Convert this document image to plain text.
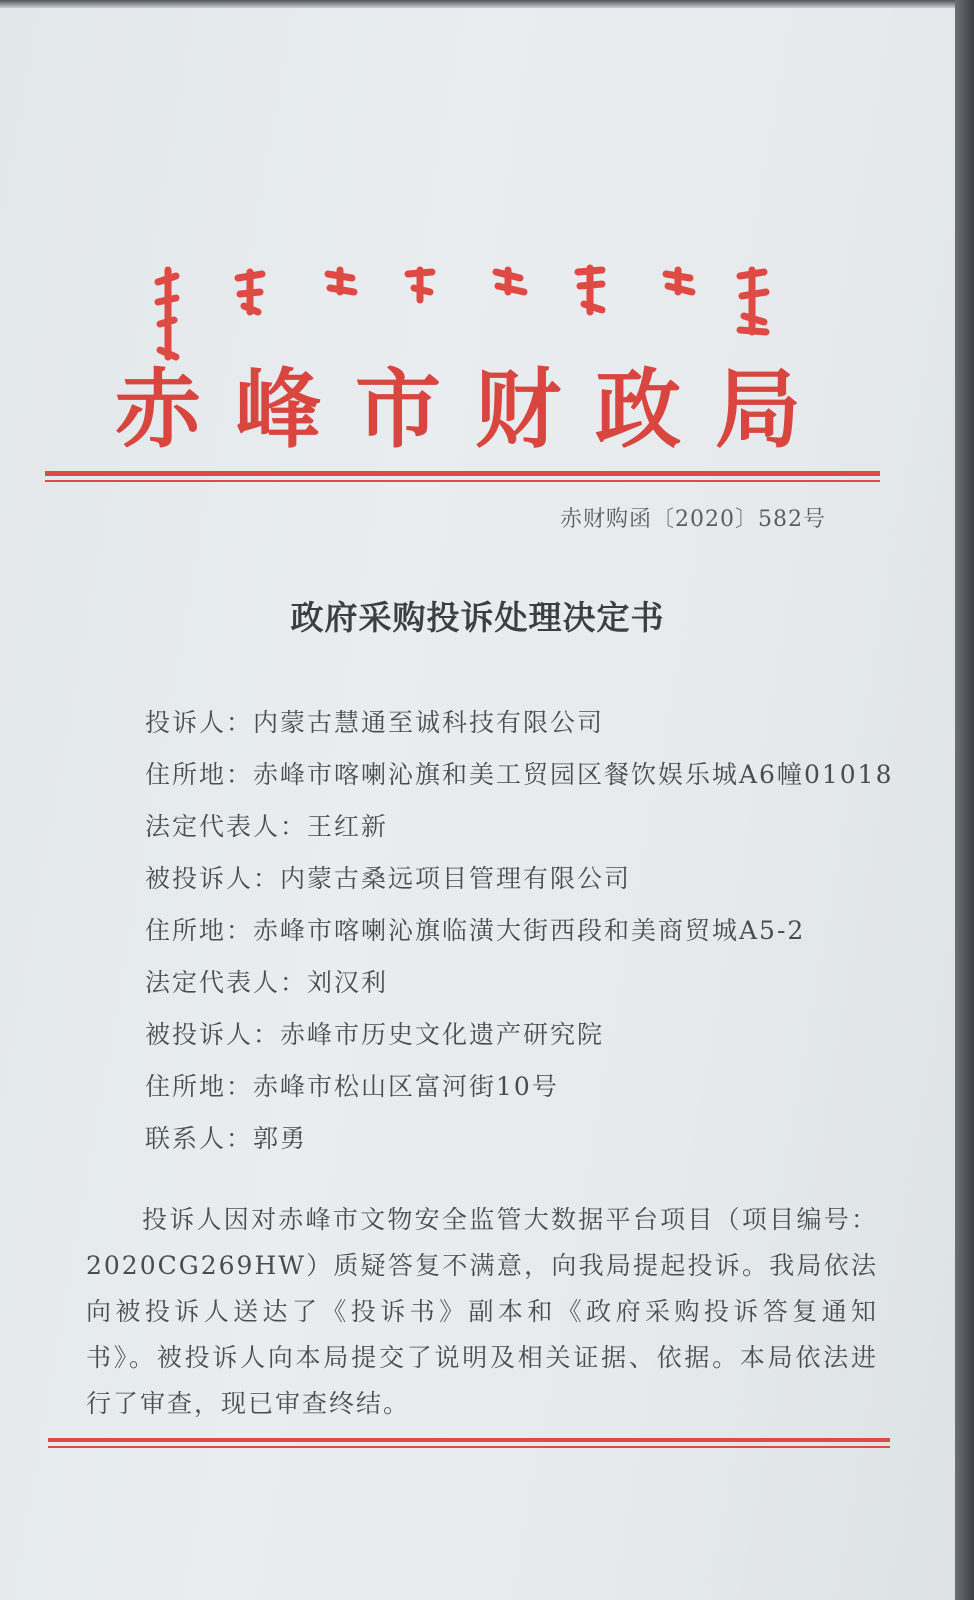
赤峰市财政局
赤财购函〔2020〕582号
政府采购投诉处理决定书
投诉人：内蒙古慧通至诚科技有限公司
住所地：赤峰市喀喇沁旗和美工贸园区餐饮娱乐城A6幢01018
法定代表人：王红新
被投诉人：内蒙古桑远项目管理有限公司
住所地：赤峰市喀喇沁旗临潢大街西段和美商贸城A5-2
法定代表人：刘汉利
被投诉人：赤峰市历史文化遗产研究院
住所地：赤峰市松山区富河街10号
联系人：郭勇

投诉人因对赤峰市文物安全监管大数据平台项目（项目编号：2020CG269HW）质疑答复不满意，向我局提起投诉。我局依法向被投诉人送达了《投诉书》副本和《政府采购投诉答复通知书》。被投诉人向本局提交了说明及相关证据、依据。本局依法进行了审查，现已审查终结。
